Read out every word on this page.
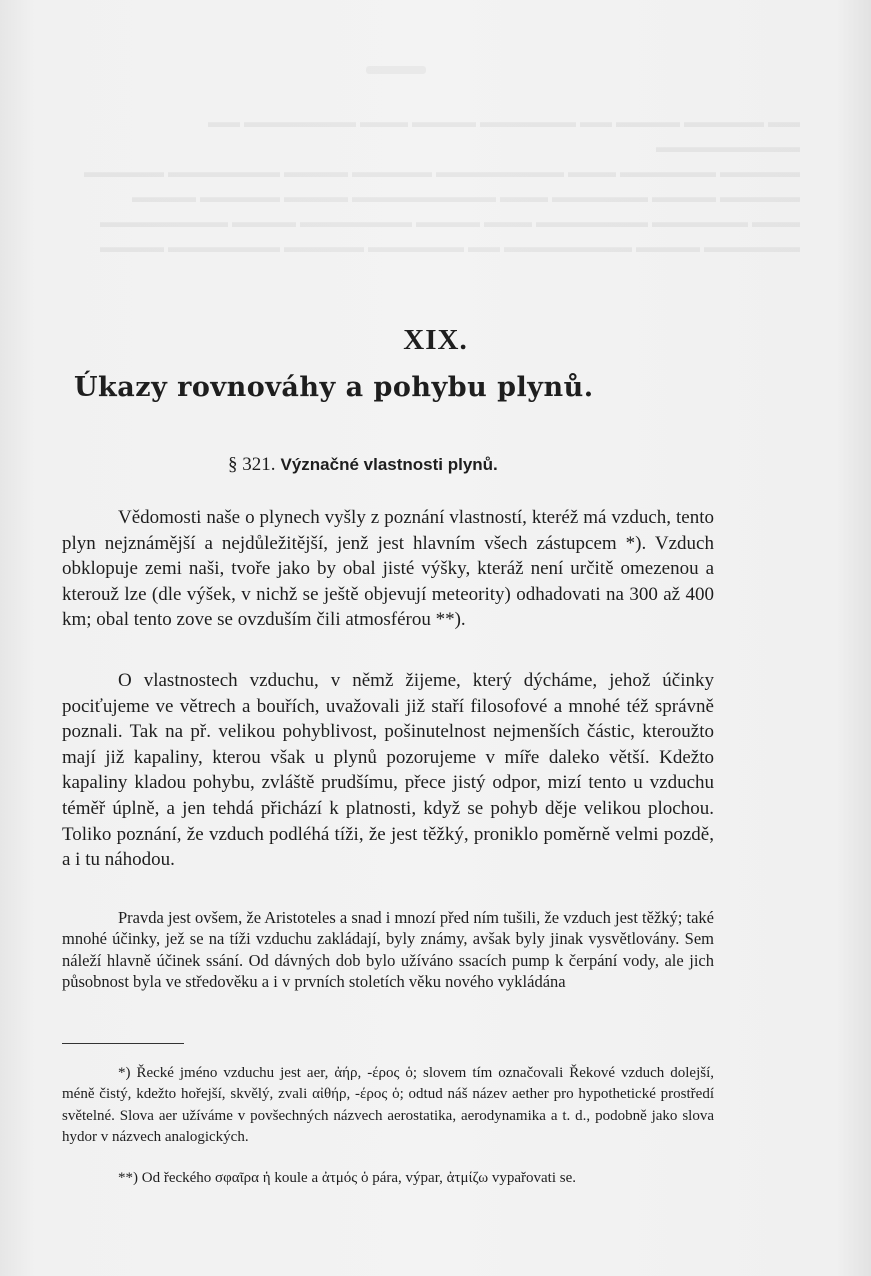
▬▬ ▬▬▬▬▬ ▬▬▬▬ ▬▬ ▬▬▬▬▬▬ ▬▬▬▬ ▬▬▬ ▬▬▬▬▬▬▬ ▬▬ ▬▬▬▬▬▬▬▬▬
▬▬▬▬▬ ▬▬▬▬▬▬ ▬▬▬ ▬▬▬▬▬▬▬▬ ▬▬▬▬▬ ▬▬▬▬ ▬▬▬▬▬▬▬ ▬▬▬▬▬
▬▬▬▬▬ ▬▬▬▬ ▬▬▬▬▬▬ ▬▬▬ ▬▬▬▬▬▬▬▬▬ ▬▬▬▬ ▬▬▬▬▬ ▬▬▬▬
▬▬▬ ▬▬▬▬▬▬ ▬▬▬▬▬▬▬ ▬▬▬ ▬▬▬▬ ▬▬▬▬▬▬▬ ▬▬▬▬ ▬▬▬▬▬▬▬▬
▬▬▬▬▬▬ ▬▬▬▬ ▬▬▬▬▬▬▬▬ ▬▬ ▬▬▬▬▬▬ ▬▬▬▬▬ ▬▬▬▬▬▬▬ ▬▬▬▬

XIX.
Úkazy rovnováhy a pohybu plynů.
§ 321. Význačné vlastnosti plynů.

Vědomosti naše o plynech vyšly z poznání vlastností, kteréž má vzduch, tento plyn nejznámější a nejdůležitější, jenž jest hlavním všech zástupcem *). Vzduch obklopuje zemi naši, tvoře jako by obal jisté výšky, kteráž není určitě omezenou a kterouž lze (dle výšek, v nichž se ještě objevují meteority) odhadovati na 300 až 400 km; obal tento zove se ovzduším čili atmosférou **).

O vlastnostech vzduchu, v němž žijeme, který dýcháme, jehož účinky pociťujeme ve větrech a bouřích, uvažovali již staří filosofové a mnohé též správně poznali. Tak na př. velikou pohyblivost, pošinutelnost nejmenších částic, kteroužto mají již kapaliny, kterou však u plynů pozorujeme v míře daleko větší. Kdežto kapaliny kladou pohybu, zvláště prudšímu, přece jistý odpor, mizí tento u vzduchu téměř úplně, a jen tehdá přichází k platnosti, když se pohyb děje velikou plochou. Toliko poznání, že vzduch podléhá tíži, že jest těžký, proniklo poměrně velmi pozdě, a i tu náhodou.

Pravda jest ovšem, že Aristoteles a snad i mnozí před ním tušili, že vzduch jest těžký; také mnohé účinky, jež se na tíži vzduchu zakládají, byly známy, avšak byly jinak vysvětlovány. Sem náleží hlavně účinek ssání. Od dávných dob bylo užíváno ssacích pump k čerpání vody, ale jich působnost byla ve středověku a i v prvních stoletích věku nového vykládána

*) Řecké jméno vzduchu jest aer, ἀήρ, -έρος ὁ; slovem tím označovali Řekové vzduch dolejší, méně čistý, kdežto hořejší, skvělý, zvali αἰθήρ, -έρος ὁ; odtud náš název aether pro hypothetické prostředí světelné. Slova aer užíváme v povšechných názvech aerostatika, aerodynamika a t. d., podobně jako slova hydor v názvech analogických.

**) Od řeckého σφαῖρα ἡ koule a ἀτμός ὁ pára, výpar, ἀτμίζω vypařovati se.
